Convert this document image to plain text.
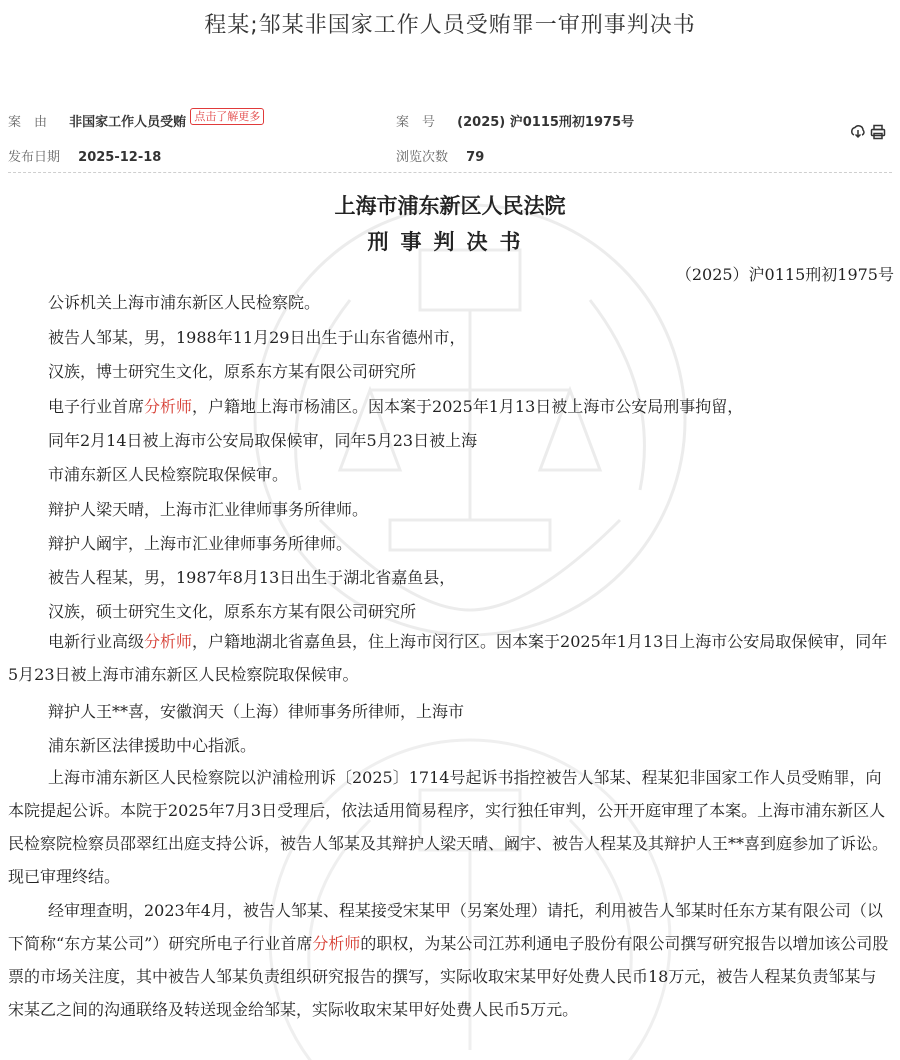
程某;邹某非国家工作人员受贿罪一审刑事判决书
案　由 非国家工作人员受贿 点击了解更多	案　号 (2025) 沪0115刑初1975号
发布日期 2025-12-18	浏览次数 79
上海市浦东新区人民法院
刑事判决书
（2025）沪0115刑初1975号
公诉机关上海市浦东新区人民检察院。
被告人邹某，男，1988年11月29日出生于山东省德州市，
汉族，博士研究生文化，原系东方某有限公司研究所
电子行业首席分析师，户籍地上海市杨浦区。因本案于2025年1月13日被上海市公安局刑事拘留，
同年2月14日被上海市公安局取保候审，同年5月23日被上海
市浦东新区人民检察院取保候审。
辩护人梁天晴，上海市汇业律师事务所律师。
辩护人阚宇，上海市汇业律师事务所律师。
被告人程某，男，1987年8月13日出生于湖北省嘉鱼县，
汉族，硕士研究生文化，原系东方某有限公司研究所
电新行业高级分析师，户籍地湖北省嘉鱼县，住上海市闵行区。因本案于2025年1月13日上海市公安局取保候审，同年5月23日被上海市浦东新区人民检察院取保候审。
辩护人王**喜，安徽润天（上海）律师事务所律师，上海市
浦东新区法律援助中心指派。
上海市浦东新区人民检察院以沪浦检刑诉〔2025〕1714号起诉书指控被告人邹某、程某犯非国家工作人员受贿罪，向本院提起公诉。本院于2025年7月3日受理后，依法适用简易程序，实行独任审判，公开开庭审理了本案。上海市浦东新区人民检察院检察员邵翠红出庭支持公诉，被告人邹某及其辩护人梁天晴、阚宇、被告人程某及其辩护人王**喜到庭参加了诉讼。现已审理终结。
经审理查明，2023年4月，被告人邹某、程某接受宋某甲（另案处理）请托，利用被告人邹某时任东方某有限公司（以下简称“东方某公司”）研究所电子行业首席分析师的职权，为某公司江苏利通电子股份有限公司撰写研究报告以增加该公司股票的市场关注度，其中被告人邹某负责组织研究报告的撰写，实际收取宋某甲好处费人民币18万元，被告人程某负责邹某与宋某乙之间的沟通联络及转送现金给邹某，实际收取宋某甲好处费人民币5万元。
